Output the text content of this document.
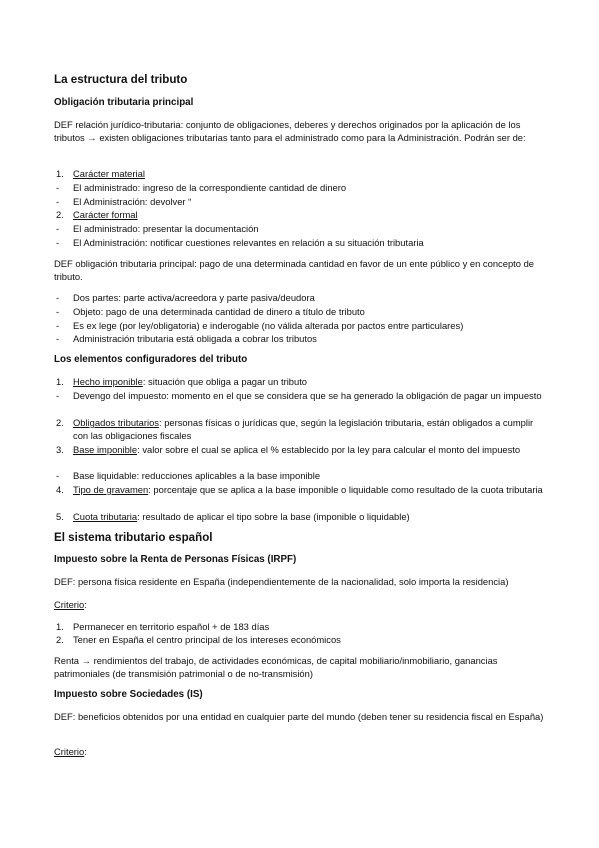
La estructura del tributo
Obligación tributaria principal
DEF relación jurídico-tributaria: conjunto de obligaciones, deberes y derechos originados por la aplicación de los tributos → existen obligaciones tributarias tanto para el administrado como para la Administración. Podrán ser de:
1. Carácter material
-	El administrado: ingreso de la correspondiente cantidad de dinero
-	El Administración: devolver “
2. Carácter formal
-	El administrado: presentar la documentación
-	El Administración: notificar cuestiones relevantes en relación a su situación tributaria
DEF obligación tributaria principal: pago de una determinada cantidad en favor de un ente público y en concepto de tributo.
-	Dos partes: parte activa/acreedora y parte pasiva/deudora
-	Objeto: pago de una determinada cantidad de dinero a título de tributo
-	Es ex lege (por ley/obligatoria) e inderogable (no válida alterada por pactos entre particulares)
-	Administración tributaria está obligada a cobrar los tributos
Los elementos configuradores del tributo
1. Hecho imponible: situación que obliga a pagar un tributo
-	Devengo del impuesto: momento en el que se considera que se ha generado la obligación de pagar un impuesto
2. Obligados tributarios: personas físicas o jurídicas que, según la legislación tributaria, están obligados a cumplir con las obligaciones fiscales
3. Base imponible: valor sobre el cual se aplica el % establecido por la ley para calcular el monto del impuesto
-	Base liquidable: reducciones aplicables a la base imponible
4. Tipo de gravamen: porcentaje que se aplica a la base imponible o liquidable como resultado de la cuota tributaria
5. Cuota tributaria: resultado de aplicar el tipo sobre la base (imponible o liquidable)
El sistema tributario español
Impuesto sobre la Renta de Personas Físicas (IRPF)
DEF: persona física residente en España (independientemente de la nacionalidad, solo importa la residencia)
Criterio:
1. Permanecer en territorio español + de 183 días
2. Tener en España el centro principal de los intereses económicos
Renta → rendimientos del trabajo, de actividades económicas, de capital mobiliario/inmobiliario, ganancias patrimoniales (de transmisión patrimonial o de no-transmisión)
Impuesto sobre Sociedades (IS)
DEF: beneficios obtenidos por una entidad en cualquier parte del mundo (deben tener su residencia fiscal en España)
Criterio:
